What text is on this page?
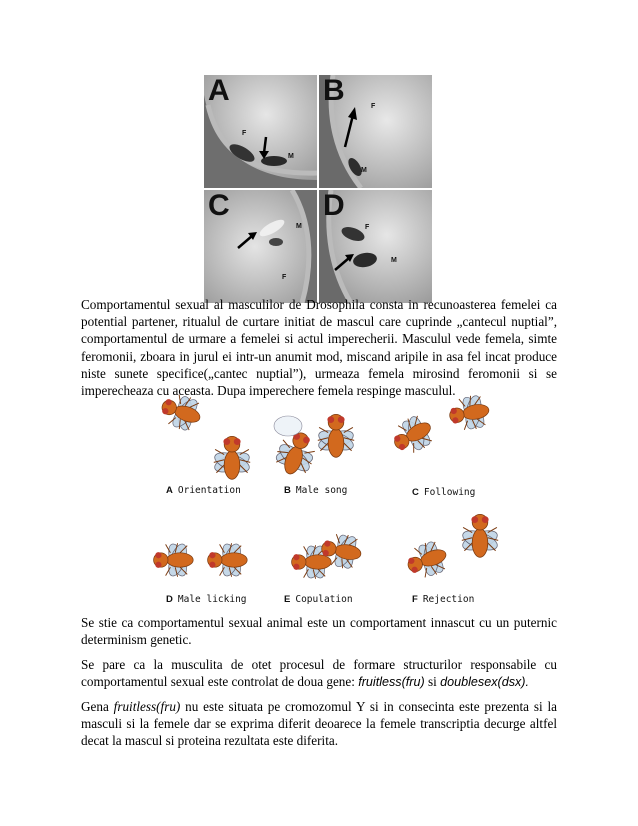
A
F
M
B	F
M
C
M
F
D
F
M

Comportamentul sexual al masculilor de Drosophila consta in recunoasterea femelei ca potential partener, ritualul de curtare initiat de mascul care cuprinde „cantecul nuptial”, comportamentul de urmare a femelei si actul imperecherii. Masculul vede femela, simte feromonii, zboara in jurul ei intr-un anumit mod, miscand aripile in asa fel incat produce niste sunete specifice(„cantec nuptial”), urmeaza femela mirosind feromonii si se imperecheaza cu aceasta. Dupa imperechere femela respinge masculul.

A Orientation	B Male song	C Following
D Male licking	E Copulation	F Rejection

Se stie ca comportamentul sexual animal este un comportament innascut cu un puternic determinism genetic.

Se pare ca la musculita de otet procesul de formare structurilor responsabile cu comportamentul sexual este controlat de doua gene: fruitless(fru) si doublesex(dsx).

Gena fruitless(fru) nu este situata pe cromozomul Y si in consecinta este prezenta si la masculi si la femele dar se exprima diferit deoarece la femele transcriptia decurge altfel decat la mascul si proteina rezultata este diferita.
